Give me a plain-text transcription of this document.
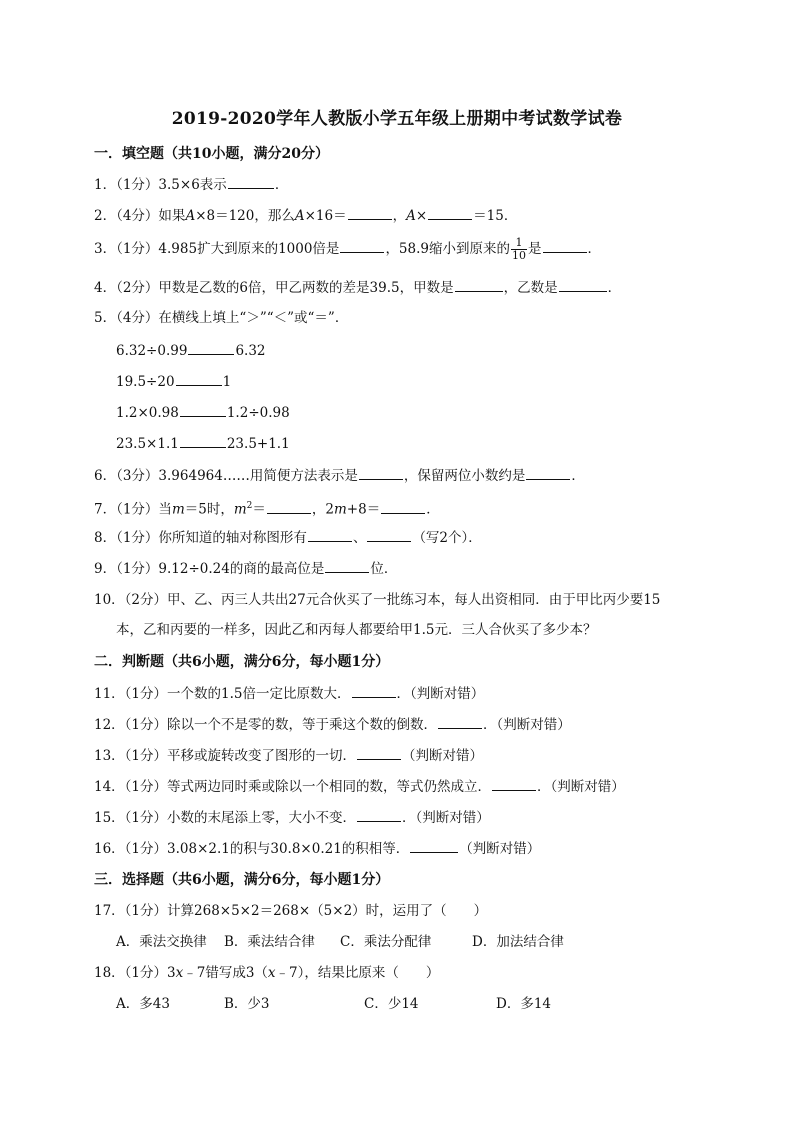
2019-2020学年人教版小学五年级上册期中考试数学试卷
一．填空题（共10小题，满分20分）
1．（1分）3.5×6表示	．
2．（4分）如果A×8＝120，那么A×16＝	，A×	＝15．
3．（1分）4.985扩大到原来的1000倍是	，58.9缩小到原来的 $\frac{1}{10}$ 是	．
4．（2分）甲数是乙数的6倍，甲乙两数的差是39.5，甲数是	，乙数是	．
5．（4分）在横线上填上“＞”“＜”或“＝”．
6.32÷0.99	6.32
19.5÷20	1
1.2×0.98	1.2÷0.98
23.5×1.1	23.5+1.1
6．（3分）3.964964……用简便方法表示是	，保留两位小数约是	．
7．（1分）当m＝5时，$m^2=$	，2m+8＝	．
8．（1分）你所知道的轴对称图形有	、	（写2个）．
9．（1分）9.12÷0.24的商的最高位是	位．
10．（2分）甲、乙、丙三人共出27元合伙买了一批练习本，每人出资相同．由于甲比丙少要15
本，乙和丙要的一样多，因此乙和丙每人都要给甲1.5元．三人合伙买了多少本？
二．判断题（共6小题，满分6分，每小题1分）
11．（1分）一个数的1.5倍一定比原数大．	．（判断对错）
12．（1分）除以一个不是零的数，等于乘这个数的倒数．	．（判断对错）
13．（1分）平移或旋转改变了图形的一切．	（判断对错）
14．（1分）等式两边同时乘或除以一个相同的数，等式仍然成立．	．（判断对错）
15．（1分）小数的末尾添上零，大小不变．	．（判断对错）
16．（1分）3.08×2.1的积与30.8×0.21的积相等．	（判断对错）
三．选择题（共6小题，满分6分，每小题1分）
17．（1分）计算268×5×2＝268×（5×2）时，运用了（　　）
A．乘法交换律 B．乘法结合律 C．乘法分配律	D．加法结合律
18．（1分）3x﹣7错写成3（x﹣7），结果比原来（　　）
A．多43	B．少3	C．少14	D．多14
